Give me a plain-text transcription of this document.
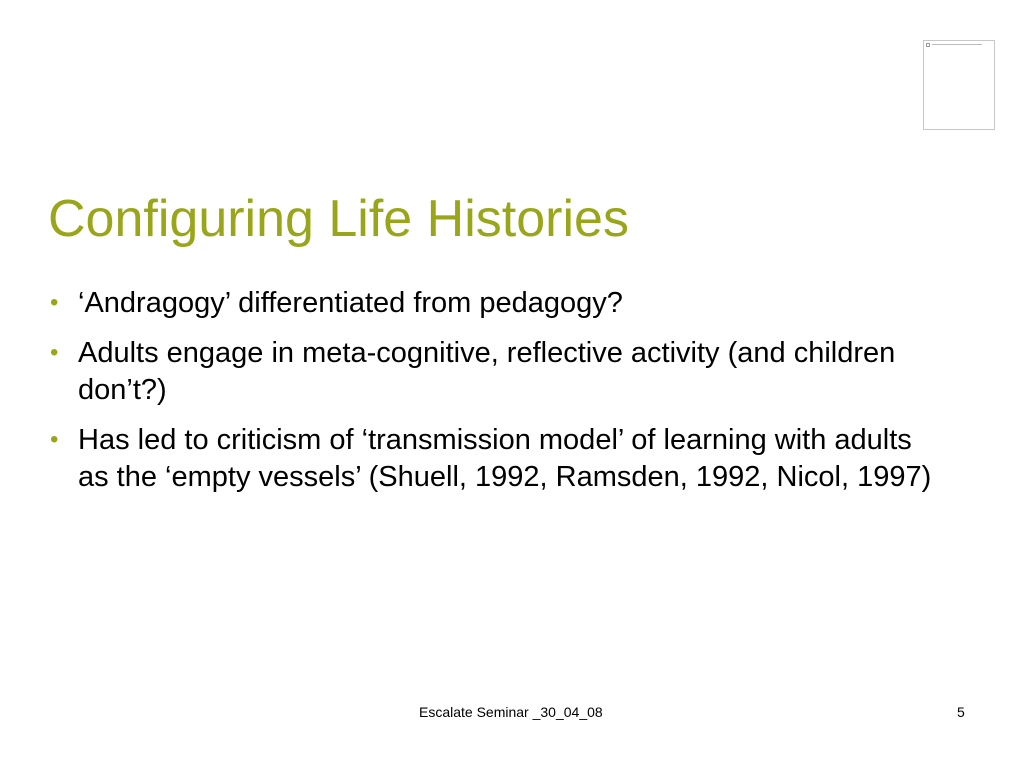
Configuring Life Histories
• ‘Andragogy’ differentiated from pedagogy?
• Adults engage in meta-cognitive, reflective activity (and children don’t?)
• Has led to criticism of ‘transmission model’ of learning with adults as the ‘empty vessels’ (Shuell, 1992, Ramsden, 1992, Nicol, 1997)
Escalate Seminar _30_04_08	5
